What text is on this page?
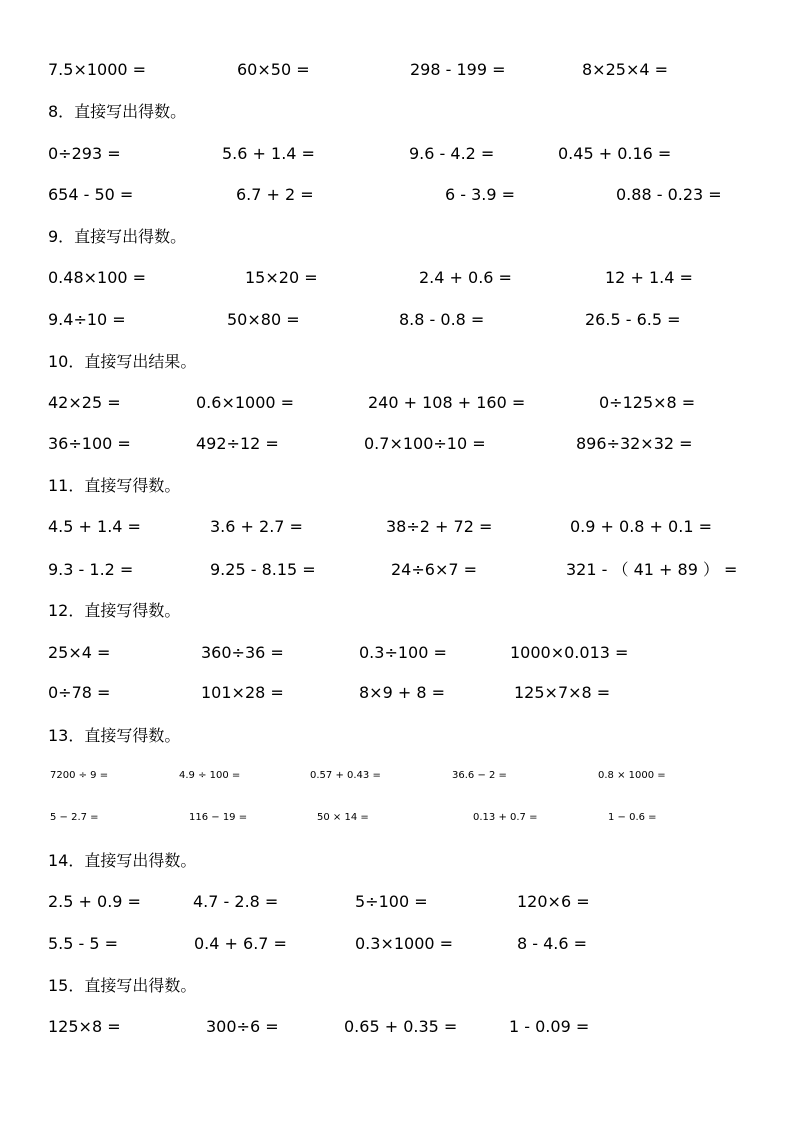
7.5×1000 =	60×50 =	298 - 199 =	8×25×4 =
8．直接写出得数。
0÷293 =	5.6 + 1.4 =	9.6 - 4.2 =	0.45 + 0.16 =
654 - 50 =	6.7 + 2 =	6 - 3.9 =	0.88 - 0.23 =
9．直接写出得数。
0.48×100 =	15×20 =	2.4 + 0.6 =	12 + 1.4 =
9.4÷10 =	50×80 =	8.8 - 0.8 =	26.5 - 6.5 =
10．直接写出结果。
42×25 =	0.6×1000 =	240 + 108 + 160 =	0÷125×8 =
36÷100 =	492÷12 =	0.7×100÷10 =	896÷32×32 =
11．直接写得数。
4.5 + 1.4 =	3.6 + 2.7 =	38÷2 + 72 =	0.9 + 0.8 + 0.1 =
9.3 - 1.2 =	9.25 - 8.15 =	24÷6×7 =	321 - （ 41 + 89 ） =
12．直接写得数。
25×4 =	360÷36 =	0.3÷100 =	1000×0.013 =
0÷78 =	101×28 =	8×9 + 8 =	125×7×8 =
13．直接写得数。
7200 ÷ 9 =	4.9 ÷ 100 =	0.57 + 0.43 =	36.6 − 2 =	0.8 × 1000 =
5 − 2.7 =	116 − 19 =	50 × 14 =	0.13 + 0.7 =	1 − 0.6 =
14．直接写出得数。
2.5 + 0.9 =	4.7 - 2.8 =	5÷100 =	120×6 =
5.5 - 5 =	0.4 + 6.7 =	0.3×1000 =	8 - 4.6 =
15．直接写出得数。
125×8 =	300÷6 =	0.65 + 0.35 =	1 - 0.09 =
